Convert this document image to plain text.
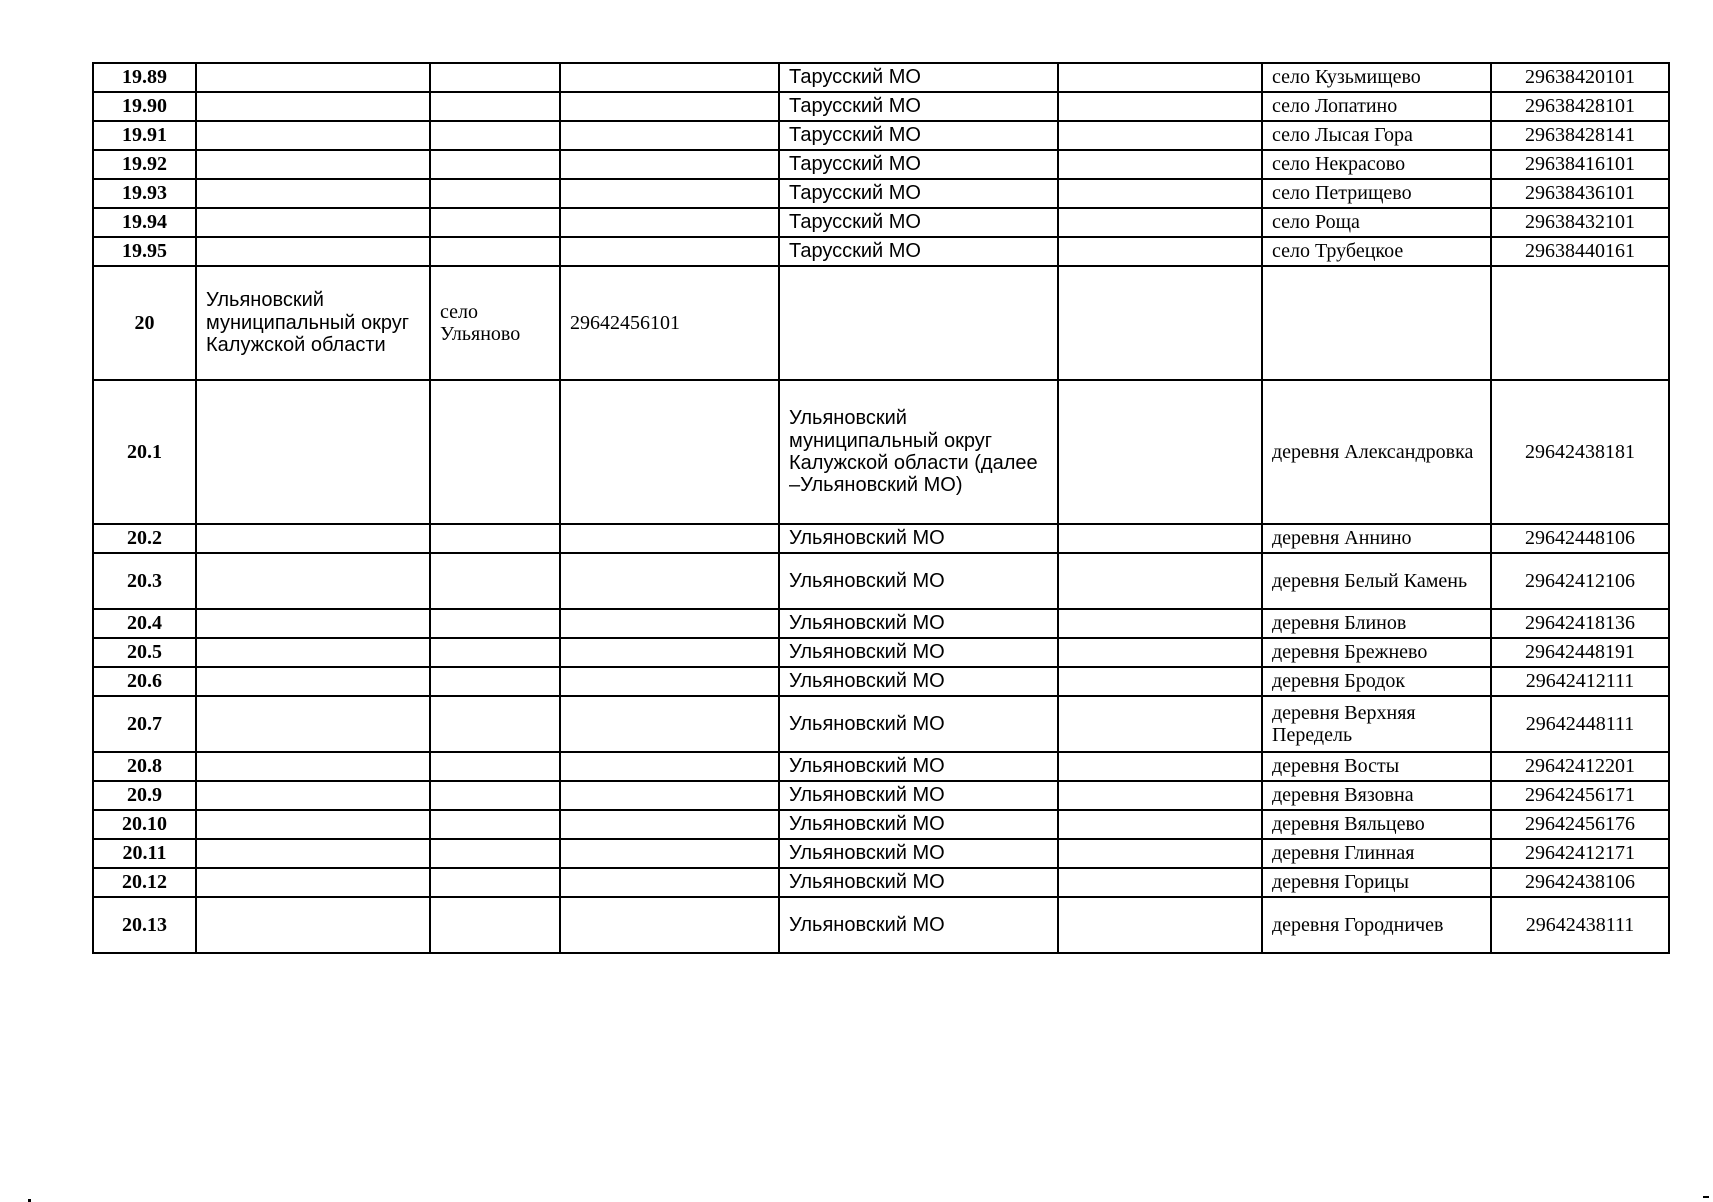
19.89				Тарусский МО		село Кузьмищево	29638420101
19.90				Тарусский МО		село Лопатино	29638428101
19.91				Тарусский МО		село Лысая Гора	29638428141
19.92				Тарусский МО		село Некрасово	29638416101
19.93				Тарусский МО		село Петрищево	29638436101
19.94				Тарусский МО		село Роща	29638432101
19.95				Тарусский МО		село Трубецкое	29638440161
20	Ульяновский муниципальный округ Калужской области	село Ульяново	29642456101				
20.1				Ульяновский муниципальный округ Калужской области (далее –Ульяновский МО)		деревня Александровка	29642438181
20.2				Ульяновский МО		деревня Аннино	29642448106
20.3				Ульяновский МО		деревня Белый Камень	29642412106
20.4				Ульяновский МО		деревня Блинов	29642418136
20.5				Ульяновский МО		деревня Брежнево	29642448191
20.6				Ульяновский МО		деревня Бродок	29642412111
20.7				Ульяновский МО		деревня Верхняя Передель	29642448111
20.8				Ульяновский МО		деревня Восты	29642412201
20.9				Ульяновский МО		деревня Вязовна	29642456171
20.10				Ульяновский МО		деревня Вяльцево	29642456176
20.11				Ульяновский МО		деревня Глинная	29642412171
20.12				Ульяновский МО		деревня Горицы	29642438106
20.13				Ульяновский МО		деревня Городничев	29642438111
